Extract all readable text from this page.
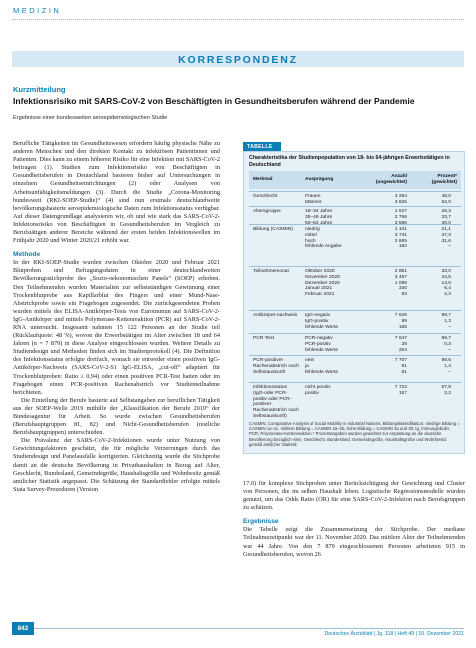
MEDIZIN
KORRESPONDENZ
Kurzmitteilung
Infektionsrisiko mit SARS-CoV-2 von Beschäftigten in Gesundheitsberufen während der Pandemie
Ergebnisse einer bundesweiten seroepidemiologischen Studie

Berufliche Tätigkeiten im Gesundheitswesen erfordern häufig physische Nähe zu anderen Menschen und den direkten Kontakt zu infektiösen Patientinnen und Patienten. Dies kann zu einem höheren Risiko für eine Infektion mit SARS-CoV-2 beitragen (1). Studien zum Infektionsrisiko von Beschäftigten in Gesundheitsberufen in Deutschland basieren bisher auf Untersuchungen in einzelnen Gesundheitseinrichtungen (2) oder Analysen von Arbeitsunfähigkeitsmeldungen (3). Durch die Studie „Corona-Monitoring bundesweit (RKI-SOEP-Studie)“ (4) sind nun erstmals deutschlandweite bevölkerungsbasierte seroepidemiologische Daten zum Infektionsstatus verfügbar. Auf dieser Datengrundlage analysieren wir, ob und wie stark das SARS-CoV-2-Infektionsrisiko von Beschäftigten in Gesundheitsberufen im Vergleich zu Berufstätigen anderer Bereiche während der ersten beiden Infektionswellen im Frühjahr 2020 und Winter 2020/21 erhöht war.

Methode

In der RKI-SOEP-Studie wurden zwischen Oktober 2020 und Februar 2021 Blutproben und Befragungsdaten in einer deutschlandweiten Bevölkerungsstichprobe des „Sozio-oekonomischen Panels“ (SOEP) erhoben. Den Teilnehmenden wurden Materialien zur selbstständigen Gewinnung einer Trockenblutprobe aus Kapillarblut des Fingers und einer Mund-Nase-Abstrichprobe sowie ein Fragebogen zugesendet. Die zurückgesendeten Proben wurden mittels des ELISA-Antikörper-Tests von Euroimmun auf SARS-CoV-2-IgG-Antikörper und mittels Polymerase-Kettenreaktion (PCR) auf SARS-CoV-2-RNA untersucht. Insgesamt nahmen 15 122 Personen an der Studie teil (Rücklaufquote: 48 %), wovon die Erwerbstätigen im Alter zwischen 18 und 64 Jahren (n = 7 879) in diese Analyse eingeschlossen wurden. Weitere Details zu Studiendesign und Methoden finden sich im Studienprotokoll (4). Die Definition des Infektionsstatus erfolgte dreifach, wonach sie entweder einen positiven IgG-Antikörper-Nachweis (SARS-CoV-2-S1 IgG-ELISA, „cut-off“ adaptiert für Trockenblutproben: Ratio ≥ 0,94) oder einen positiven PCR-Test hatten oder im Fragebogen einen PCR-positiven Rachenabstrich vor Studienteilnahme berichteten.

Die Einteilung der Berufe basierte auf Selbstangaben zur beruflichen Tätigkeit aus der SOEP-Welle 2019 mithilfe der „Klassifikation der Berufe 2010“ der Bundesagentur für Arbeit. So wurde zwischen Gesundheitsberufen (Berufshauptgruppen 81, 82) und Nicht-Gesundheitsberufen (restliche Berufshauptgruppen) unterschieden.

Die Prävalenz der SARS-CoV-2-Infektionen wurde unter Nutzung von Gewichtungsfaktoren geschätzt, die für mögliche Verzerrungen durch das Studiendesign und Panelausfälle korrigierten. Gleichzeitig wurde die Stichprobe damit an die deutsche Bevölkerung in Privathaushalten in Bezug auf Alter, Geschlecht, Bundesland, Gemeindegröße, Haushaltsgröße und Wohnbesitz gemäß amtlicher Statistik angepasst. Die Schätzung der Standardfehler erfolgte mittels Stata Survey-Prozeduren (Version

TABELLE
Charakteristika der Studienpopulation von 18- bis 64-jährigen Erwerbstätigen in Deutschland
Merkmal	Ausprägung
Anzahl (ungewichtet)
Prozent* (gewichtet)
Geschlecht	Frauen	4 254	48,0
Männer	3 625	52,0
Altersgruppe	18–34 Jahre	1 527	26,3
35–49 Jahre	2 766	33,7
50–64 Jahre	3 586	40,0
Bildung (CASMIN)	niedrig	1 101	21,1
mittel	3 731	47,3
hoch	2 865	31,6
fehlende Angabe	182	–
Teilnahmemonat	Oktober 2020	2 851	33,0
November 2020	3 457	44,5
Dezember 2020	1 098	14,0
Januar 2021	340	6,4
Februar 2021	93	2,3
Antikörper-nachweis	IgG-negativ	7 625	98,7
IgG-positiv	99	1,3
fehlende Werte	155	–
PCR-Test	PCR-negativ	7 647	99,7
PCR-positiv	28	0,3
fehlende Werte	204	–
PCR-positiver Rachenabstrich nach Selbstauskunft
nein	7 707	98,6
ja	91	1,4
fehlende Werte	81	–
Infektionsstatus (IgG-oder PCR-positiv oder PCR-positiver Rachenabstrich nach Selbstauskunft)
nicht positiv	7 722	97,8
positiv	157	2,2
CASMIN, Comparative Analysis of Social Mobility in Industrial Nations, Bildungsklassifikation: niedrige Bildung = CASMIN 1a–1c, mittlere Bildung = CASMIN 2a–2b, hohe Bildung = CASMIN 3a und 3b; Ig, Immunglobulin; PCR, Polymerase-Kettenreaktion * Prozentangaben wurden gewichtet zur Anpassung an die deutsche Bevölkerung bezüglich Alter, Geschlecht, Bundesland, Gemeindegröße, Haushaltsgröße und Wohnbesitz gemäß amtlicher Statistik

17.0) für komplexe Stichproben unter Berücksichtigung der Gewichtung und Cluster von Personen, die im selben Haushalt leben. Logistische Regressionsmodelle wurden genutzt, um das Odds Ratio (OR) für eine SARS-CoV-2-Infektion nach Berufsgruppen zu schätzen.

Ergebnisse

Die Tabelle zeigt die Zusammensetzung der Stichprobe. Der mediane Teilnahmezeitpunkt war der 11. November 2020. Das mittlere Alter der Teilnehmenden war 44 Jahre. Von den 7 879 eingeschlossenen Personen arbeiteten 915 in Gesundheitsberufen, wovon 26

842
Deutsches Ärzteblatt | Jg. 118 | Heft 49 | 10. Dezember 2021
